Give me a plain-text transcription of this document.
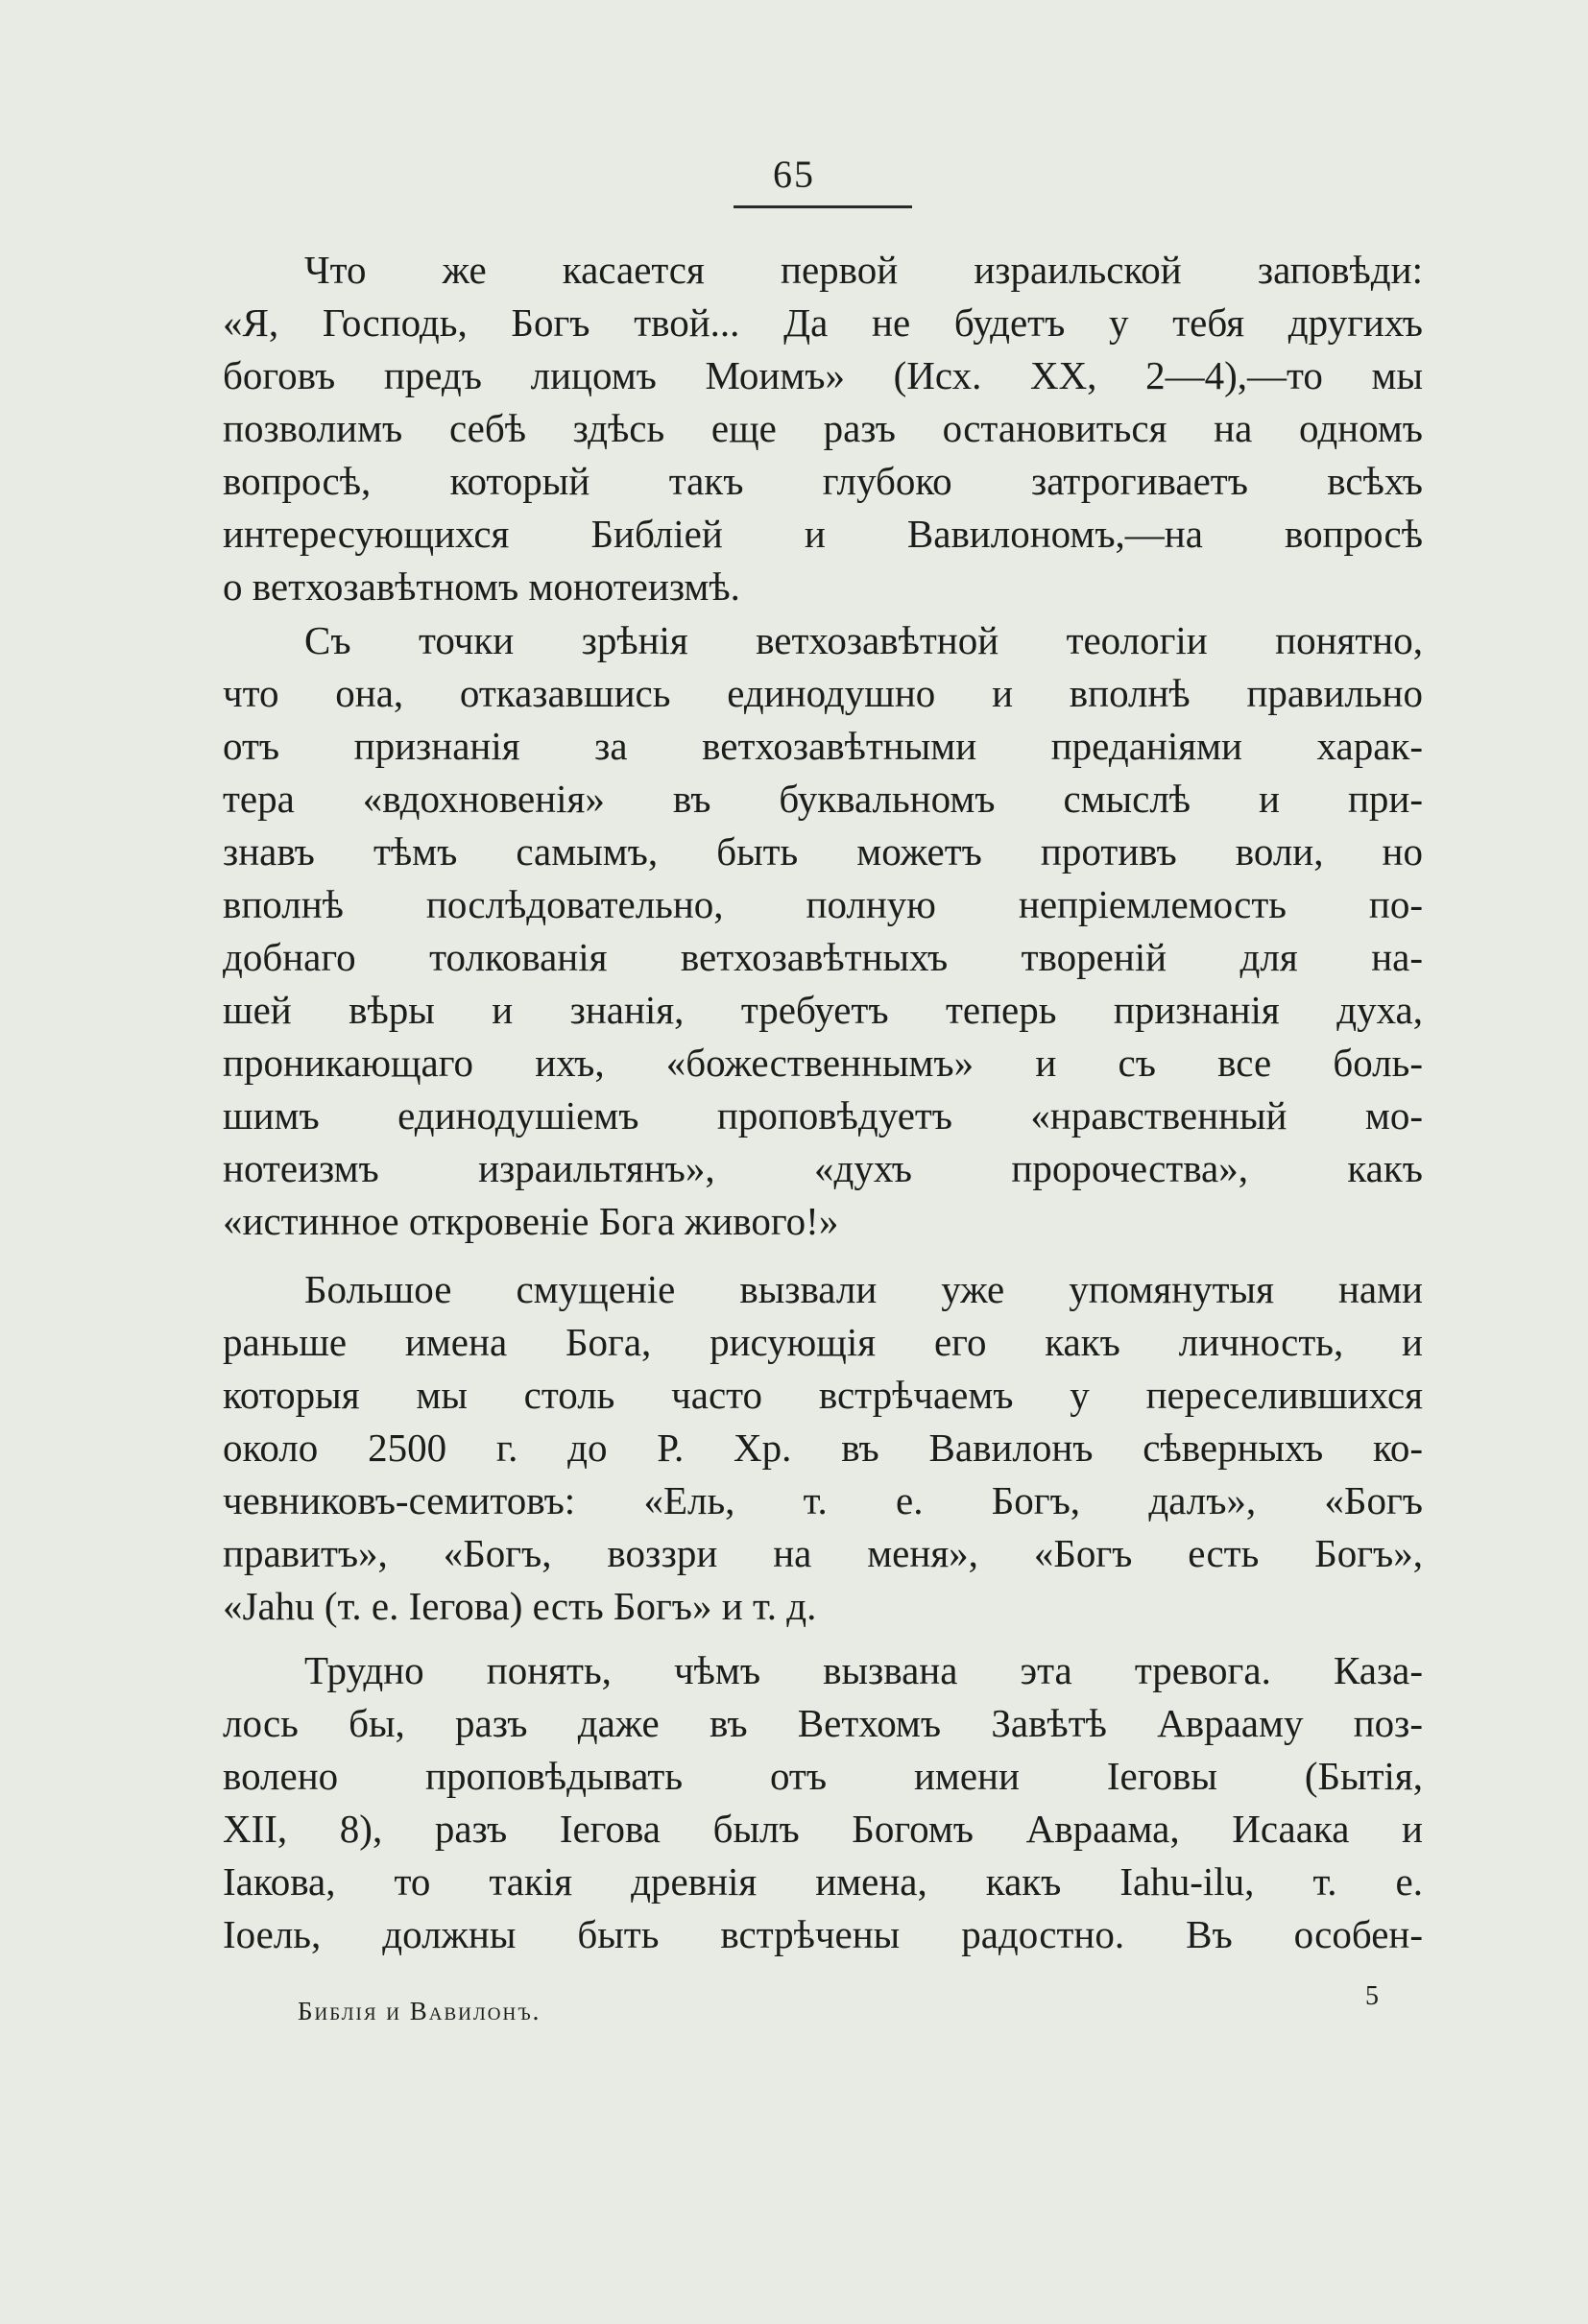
65
Что же касается первой израильской заповѣди:
«Я, Господь, Богъ твой... Да не будетъ у тебя другихъ
боговъ предъ лицомъ Моимъ» (Исх. XX, 2—4),—то мы
позволимъ себѣ здѣсь еще разъ остановиться на одномъ
вопросѣ, который такъ глубоко затрогиваетъ всѣхъ
интересующихся Библіей и Вавилономъ,—на вопросѣ
о ветхозавѣтномъ монотеизмѣ.
Съ точки зрѣнія ветхозавѣтной теологіи понятно,
что она, отказавшись единодушно и вполнѣ правильно
отъ признанія за ветхозавѣтными преданіями харак-
тера «вдохновенія» въ буквальномъ смыслѣ и при-
знавъ тѣмъ самымъ, быть можетъ противъ воли, но
вполнѣ послѣдовательно, полную непріемлемость по-
добнаго толкованія ветхозавѣтныхъ твореній для на-
шей вѣры и знанія, требуетъ теперь признанія духа,
проникающаго ихъ, «божественнымъ» и съ все боль-
шимъ единодушіемъ проповѣдуетъ «нравственный мо-
нотеизмъ израильтянъ», «духъ пророчества», какъ
«истинное откровеніе Бога живого!»
Большое смущеніе вызвали уже упомянутыя нами
раньше имена Бога, рисующія его какъ личность, и
которыя мы столь часто встрѣчаемъ у переселившихся
около 2500 г. до Р. Хр. въ Вавилонъ сѣверныхъ ко-
чевниковъ-семитовъ: «Ель, т. е. Богъ, далъ», «Богъ
правитъ», «Богъ, воззри на меня», «Богъ есть Богъ»,
«Jahu (т. е. Іегова) есть Богъ» и т. д.
Трудно понять, чѣмъ вызвана эта тревога. Каза-
лось бы, разъ даже въ Ветхомъ Завѣтѣ Аврааму поз-
волено проповѣдывать отъ имени Іеговы (Бытія,
XII, 8), разъ Іегова былъ Богомъ Авраама, Исаака и
Іакова, то такія древнія имена, какъ Iahu-ilu, т. е.
Іоель, должны быть встрѣчены радостно. Въ особен-
Библія и Вавилонъ.	5
